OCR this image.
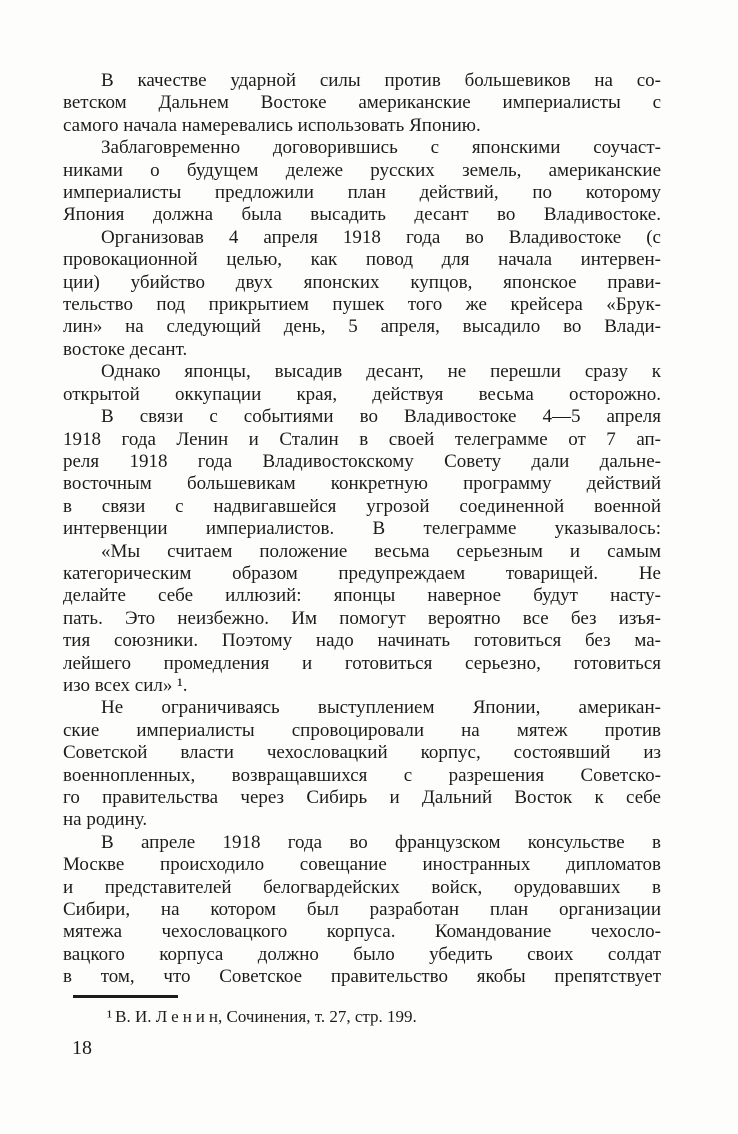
В качестве ударной силы против большевиков на со-
ветском Дальнем Востоке американские империалисты с
самого начала намеревались использовать Японию.
Заблаговременно договорившись с японскими соучаст-
никами о будущем дележе русских земель, американские
империалисты предложили план действий, по которому
Япония должна была высадить десант во Владивостоке.
Организовав 4 апреля 1918 года во Владивостоке (с
провокационной целью, как повод для начала интервен-
ции) убийство двух японских купцов, японское прави-
тельство под прикрытием пушек того же крейсера «Брук-
лин» на следующий день, 5 апреля, высадило во Влади-
востоке десант.
Однако японцы, высадив десант, не перешли сразу к
открытой оккупации края, действуя весьма осторожно.
В связи с событиями во Владивостоке 4—5 апреля
1918 года Ленин и Сталин в своей телеграмме от 7 ап-
реля 1918 года Владивостокскому Совету дали дальне-
восточным большевикам конкретную программу действий
в связи с надвигавшейся угрозой соединенной военной
интервенции империалистов. В телеграмме указывалось:
«Мы считаем положение весьма серьезным и самым
категорическим образом предупреждаем товарищей. Не
делайте себе иллюзий: японцы наверное будут насту-
пать. Это неизбежно. Им помогут вероятно все без изъя-
тия союзники. Поэтому надо начинать готовиться без ма-
лейшего промедления и готовиться серьезно, готовиться
изо всех сил» ¹.
Не ограничиваясь выступлением Японии, американ-
ские империалисты спровоцировали на мятеж против
Советской власти чехословацкий корпус, состоявший из
военнопленных, возвращавшихся с разрешения Советско-
го правительства через Сибирь и Дальний Восток к себе
на родину.
В апреле 1918 года во французском консульстве в
Москве происходило совещание иностранных дипломатов
и представителей белогвардейских войск, орудовавших в
Сибири, на котором был разработан план организации
мятежа чехословацкого корпуса. Командование чехосло-
вацкого корпуса должно было убедить своих солдат
в том, что Советское правительство якобы препятствует
¹ В. И. Ленин, Сочинения, т. 27, стр. 199.
18
